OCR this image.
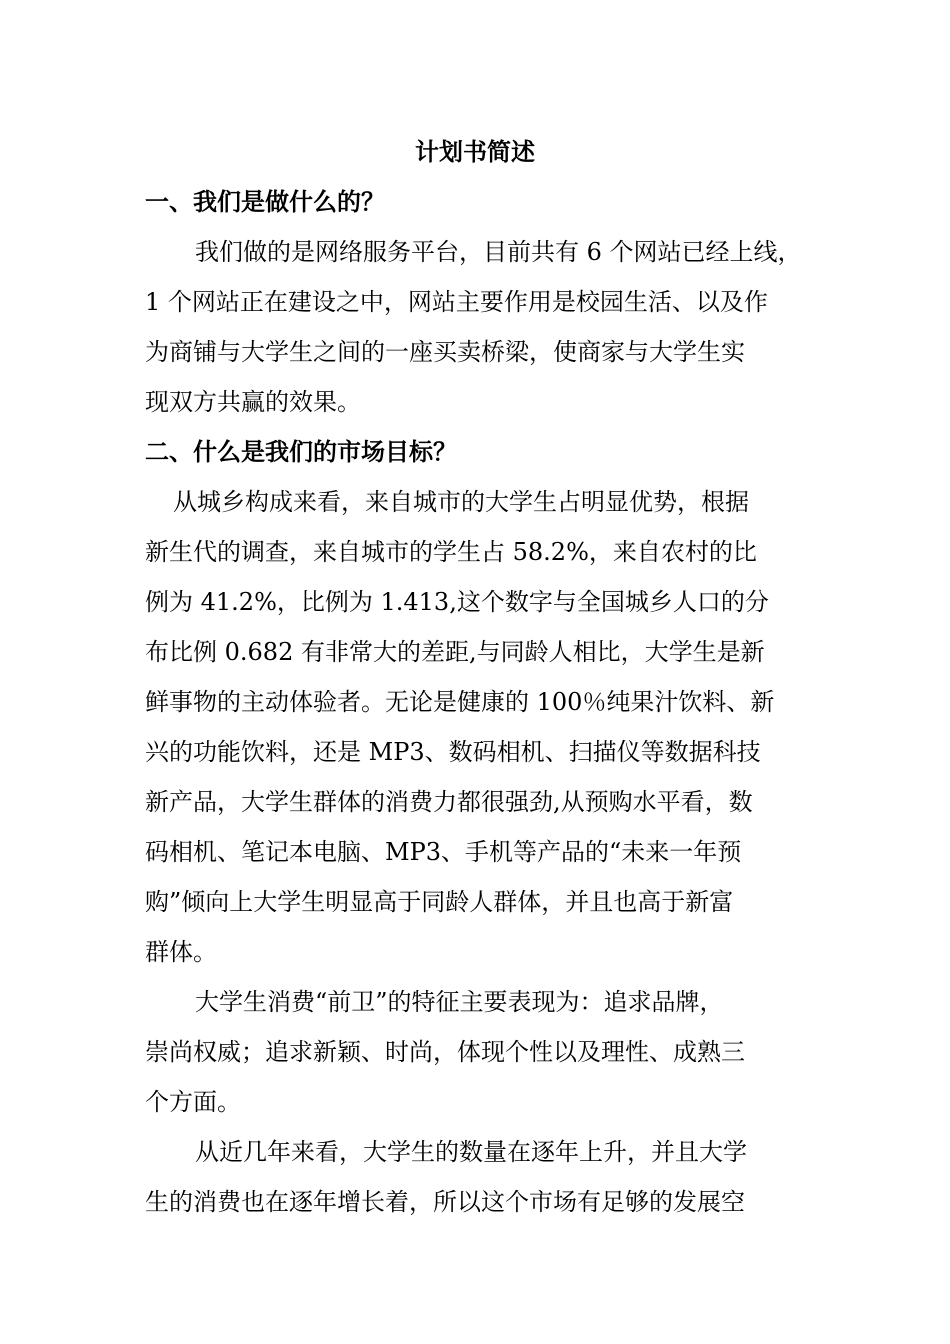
计划书简述
一、我们是做什么的？
我们做的是网络服务平台，目前共有 6 个网站已经上线，
1 个网站正在建设之中，网站主要作用是校园生活、以及作
为商铺与大学生之间的一座买卖桥梁，使商家与大学生实
现双方共赢的效果。
二、什么是我们的市场目标？
从城乡构成来看，来自城市的大学生占明显优势，根据
新生代的调查，来自城市的学生占 58.2%，来自农村的比
例为 41.2%，比例为 1.413,这个数字与全国城乡人口的分
布比例 0.682 有非常大的差距,与同龄人相比，大学生是新
鲜事物的主动体验者。无论是健康的 100％纯果汁饮料、新
兴的功能饮料，还是 MP3、数码相机、扫描仪等数据科技
新产品，大学生群体的消费力都很强劲,从预购水平看，数
码相机、笔记本电脑、MP3、手机等产品的“未来一年预
购”倾向上大学生明显高于同龄人群体，并且也高于新富
群体。
大学生消费“前卫”的特征主要表现为：追求品牌，
崇尚权威；追求新颖、时尚，体现个性以及理性、成熟三
个方面。
从近几年来看，大学生的数量在逐年上升，并且大学
生的消费也在逐年增长着，所以这个市场有足够的发展空
